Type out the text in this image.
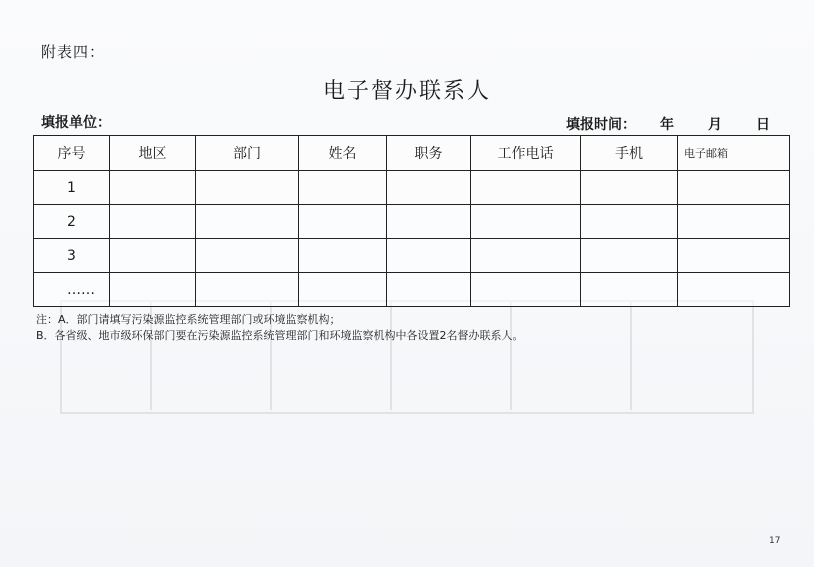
附表四：
电子督办联系人
填报单位：	填报时间： 年 月 日
序号	地区	部门	姓名	职务	工作电话	手机	电子邮箱
1							
2							
3							
……							
注：A．部门请填写污染源监控系统管理部门或环境监察机构；
B．各省级、地市级环保部门要在污染源监控系统管理部门和环境监察机构中各设置2名督办联系人。
17
